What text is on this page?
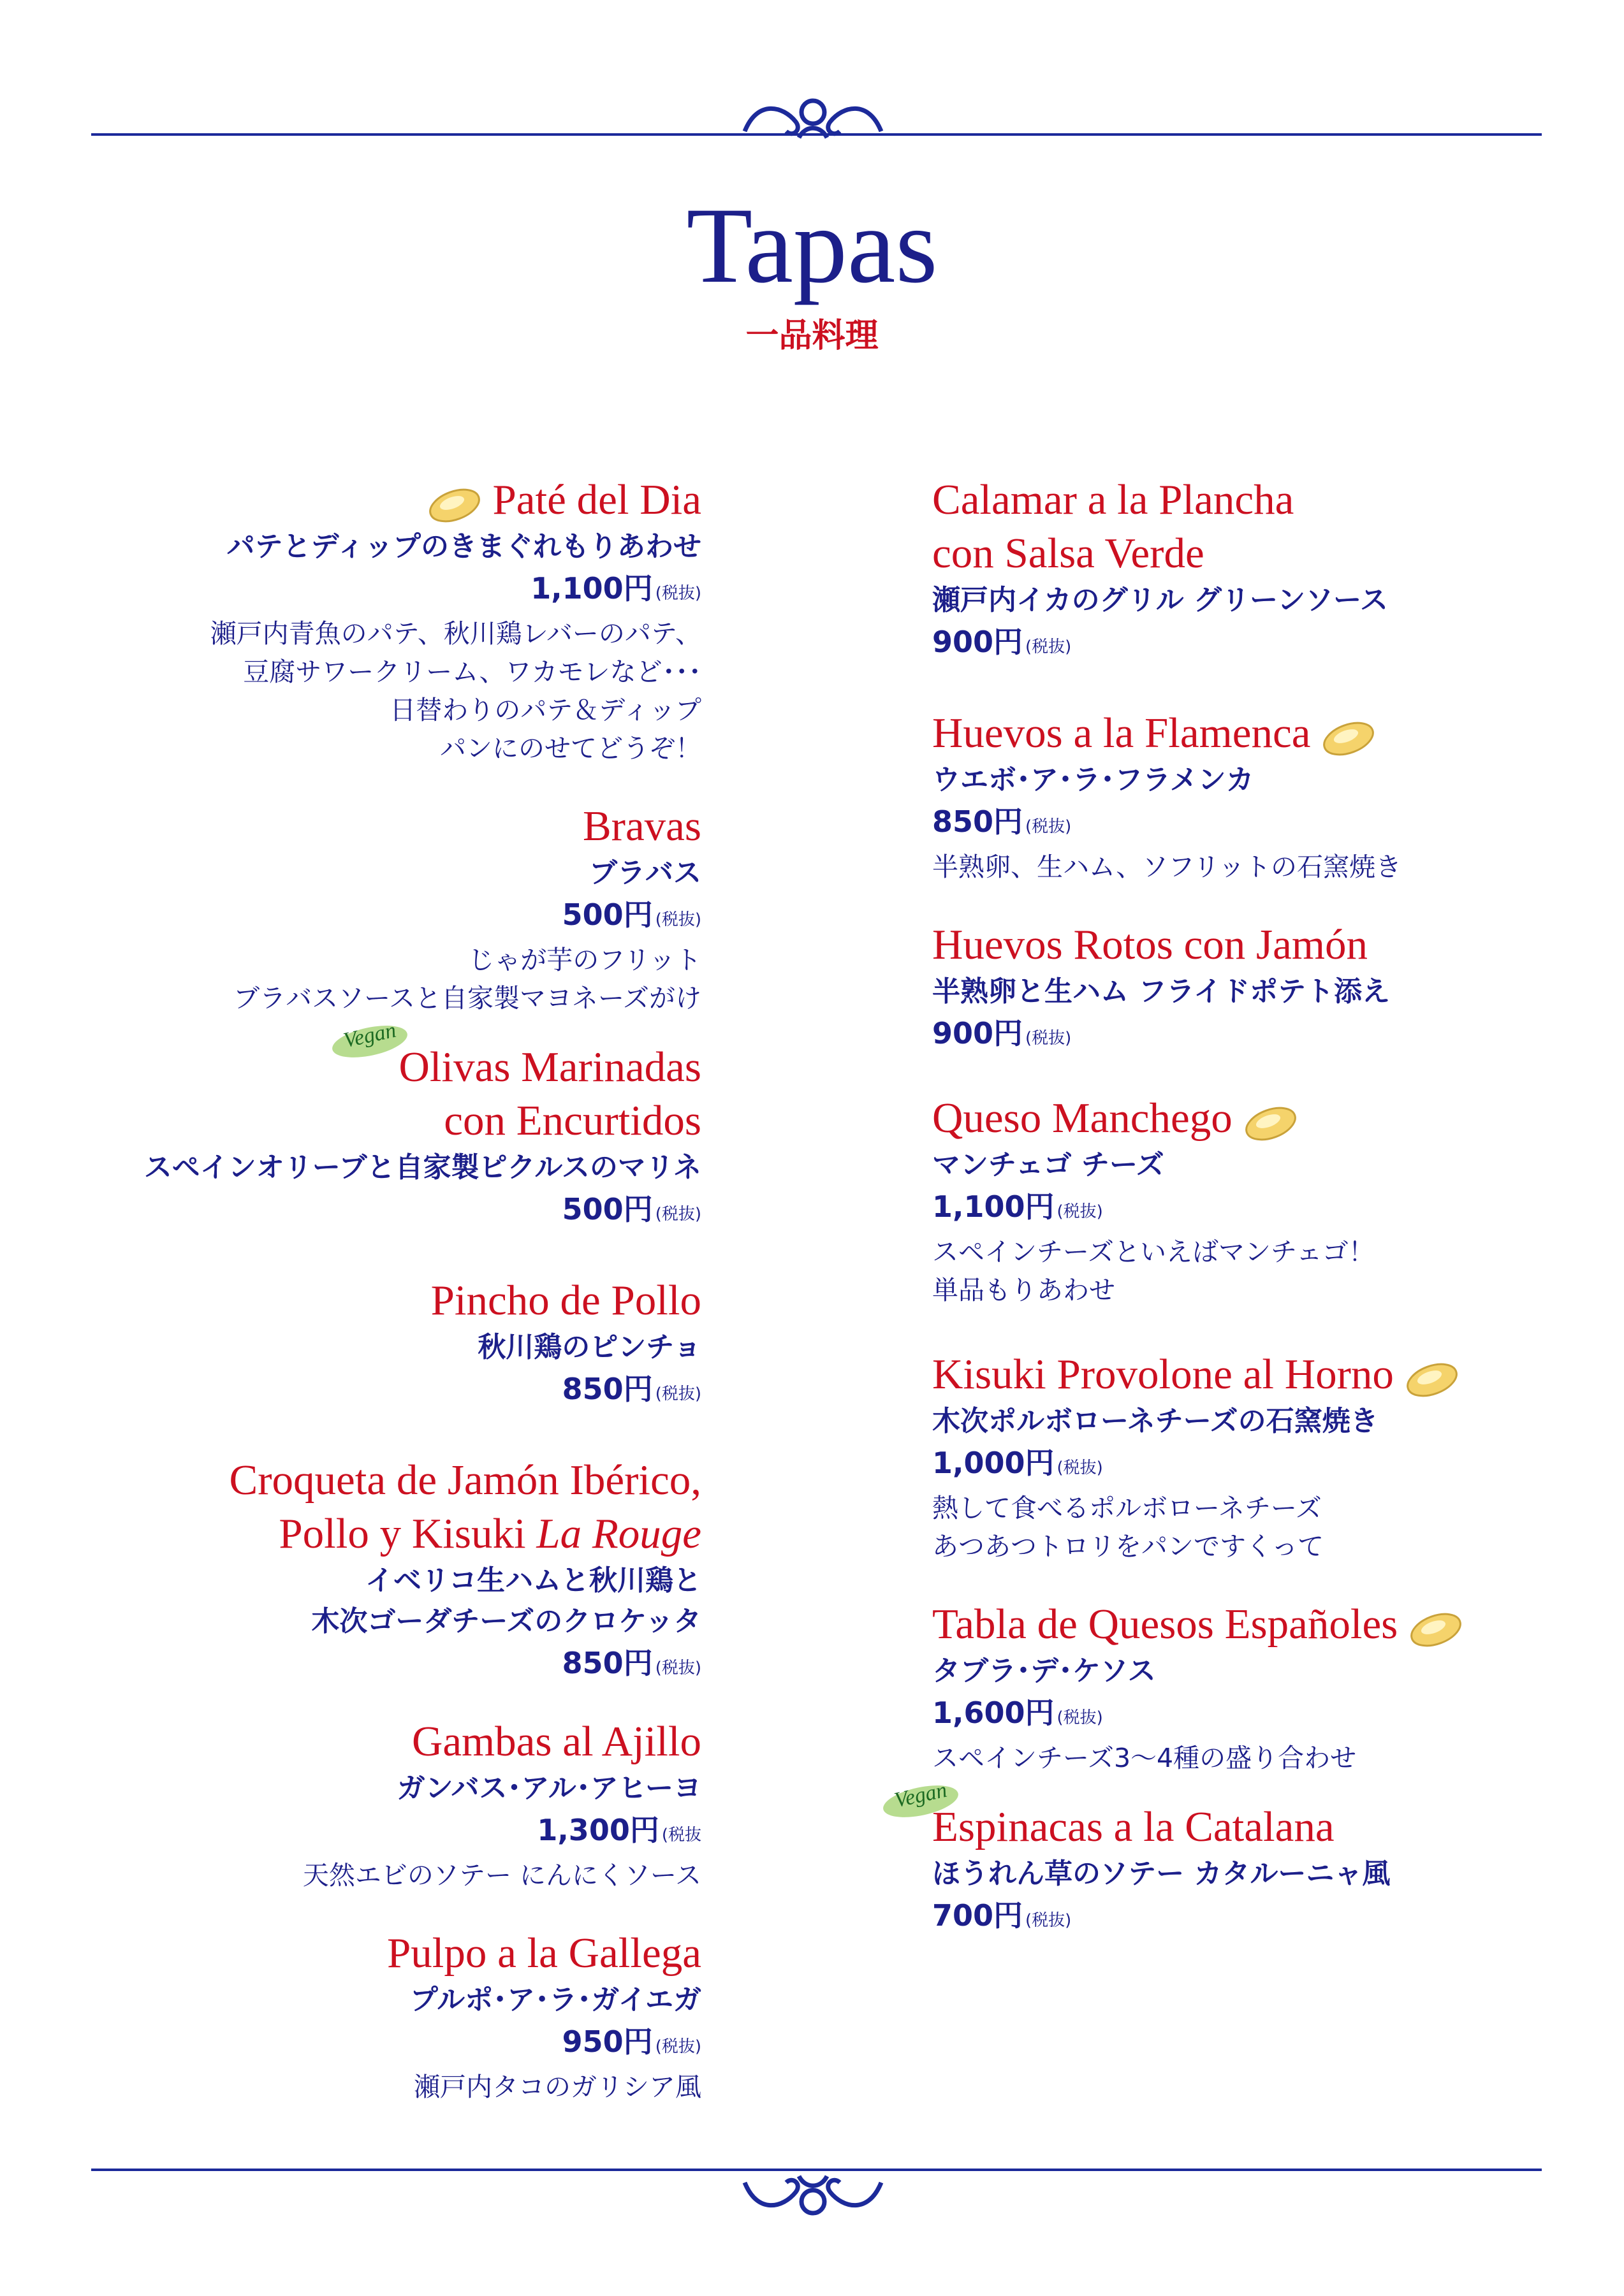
Tapas
一品料理
Paté del Dia
パテとディップのきまぐれもりあわせ
1,100円 (税抜)
瀬戸内青魚のパテ、秋川鶏レバーのパテ、
豆腐サワークリーム、ワカモレなど･･･
日替わりのパテ＆ディップ
パンにのせてどうぞ！
Bravas
ブラバス
500円 (税抜)
じゃが芋のフリット
ブラバスソースと自家製マヨネーズがけ
Vegan
Olivas Marinadas
con Encurtidos
スペインオリーブと自家製ピクルスのマリネ
500円 (税抜)
Pincho de Pollo
秋川鶏のピンチョ
850円 (税抜)
Croqueta de Jamón Ibérico,
Pollo y Kisuki La Rouge
イベリコ生ハムと秋川鶏と
木次ゴーダチーズのクロケッタ
850円 (税抜)
Gambas al Ajillo
ガンバス･アル･アヒーヨ
1,300円 (税抜
天然エビのソテー にんにくソース
Pulpo a la Gallega
プルポ･ア･ラ･ガイエガ
950円 (税抜)
瀬戸内タコのガリシア風
Calamar a la Plancha
con Salsa Verde
瀬戸内イカのグリル グリーンソース
900円 (税抜)
Huevos a la Flamenca
ウエボ･ア･ラ･フラメンカ
850円 (税抜)
半熟卵、生ハム、ソフリットの石窯焼き
Huevos Rotos con Jamón
半熟卵と生ハム フライドポテト添え
900円 (税抜)
Queso Manchego
マンチェゴ チーズ
1,100円 (税抜)
スペインチーズといえばマンチェゴ！
単品もりあわせ
Kisuki Provolone al Horno
木次ポルボローネチーズの石窯焼き
1,000円 (税抜)
熱して食べるポルボローネチーズ
あつあつトロリをパンですくって
Tabla de Quesos Españoles
タブラ･デ･ケソス
1,600円 (税抜)
スペインチーズ3〜4種の盛り合わせ
Vegan
Espinacas a la Catalana
ほうれん草のソテー カタルーニャ風
700円 (税抜)
